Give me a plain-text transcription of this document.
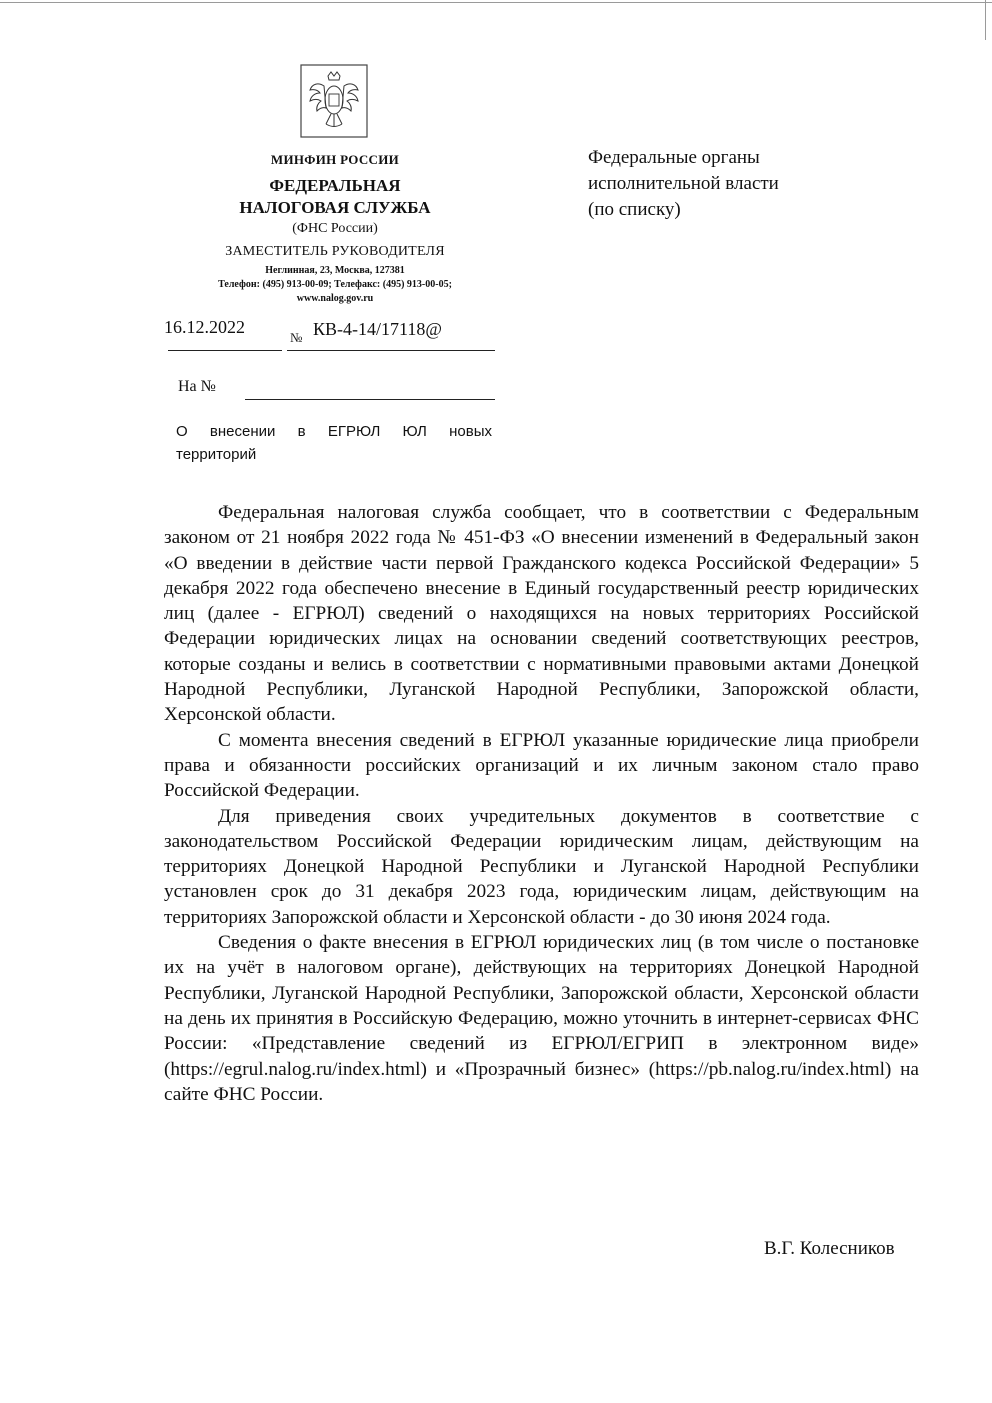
МИНФИН РОССИИ
ФЕДЕРАЛЬНАЯ
НАЛОГОВАЯ СЛУЖБА
(ФНС России)
ЗАМЕСТИТЕЛЬ РУКОВОДИТЕЛЯ
Неглинная, 23, Москва, 127381
Телефон: (495) 913-00-09; Телефакс: (495) 913-00-05;
www.nalog.gov.ru
16.12.2022
№ КВ-4-14/17118@
На №
О внесении в ЕГРЮЛ ЮЛ новых
территорий
Федеральные органы
исполнительной власти
(по списку)

Федеральная налоговая служба сообщает, что в соответствии с Федеральным законом от 21 ноября 2022 года № 451-ФЗ «О внесении изменений в Федеральный закон «О введении в действие части первой Гражданского кодекса Российской Федерации» 5 декабря 2022 года обеспечено внесение в Единый государственный реестр юридических лиц (далее - ЕГРЮЛ) сведений о находящихся на новых территориях Российской Федерации юридических лицах на основании сведений соответствующих реестров, которые созданы и велись в соответствии с нормативными правовыми актами Донецкой Народной Республики, Луганской Народной Республики, Запорожской области, Херсонской области.

С момента внесения сведений в ЕГРЮЛ указанные юридические лица приобрели права и обязанности российских организаций и их личным законом стало право Российской Федерации.

Для приведения своих учредительных документов в соответствие с законодательством Российской Федерации юридическим лицам, действующим на территориях Донецкой Народной Республики и Луганской Народной Республики установлен срок до 31 декабря 2023 года, юридическим лицам, действующим на территориях Запорожской области и Херсонской области - до 30 июня 2024 года.

Сведения о факте внесения в ЕГРЮЛ юридических лиц (в том числе о постановке их на учёт в налоговом органе), действующих на территориях Донецкой Народной Республики, Луганской Народной Республики, Запорожской области, Херсонской области на день их принятия в Российскую Федерацию, можно уточнить в интернет-сервисах ФНС России: «Представление сведений из ЕГРЮЛ/ЕГРИП в электронном виде» (https://egrul.nalog.ru/index.html) и «Прозрачный бизнес» (https://pb.nalog.ru/index.html) на сайте ФНС России.

В.Г. Колесников
